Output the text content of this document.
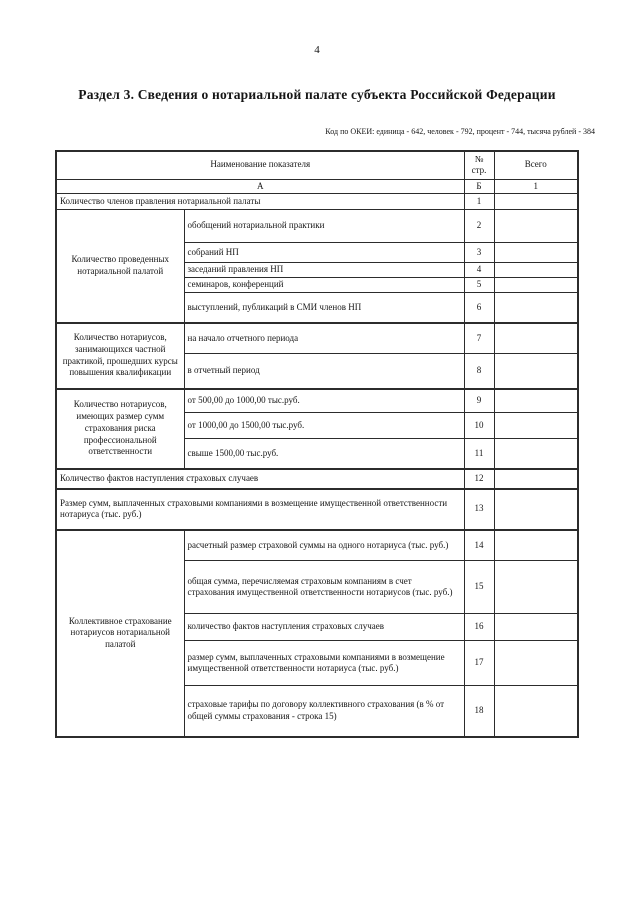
4
Раздел 3. Сведения о нотариальной палате субъекта Российской Федерации
Код по ОКЕИ: единица - 642, человек - 792, процент - 744, тысяча рублей - 384
Наименование показателя		№ стр.	Всего
А		Б	1
Количество членов правления нотариальной палаты		1	
Количество проведенных нотариальной палатой	обобщений нотариальной практики	2	
	собраний НП	3	
	заседаний правления НП	4	
	семинаров, конференций	5	
	выступлений, публикаций в СМИ членов НП	6	
Количество нотариусов, занимающихся частной практикой, прошедших курсы повышения квалификации	на начало отчетного периода	7	
	в отчетный период	8	
Количество нотариусов, имеющих размер сумм страхования риска профессиональной ответственности	от 500,00 до 1000,00 тыс.руб.	9	
	от 1000,00 до 1500,00 тыс.руб.	10	
	свыше 1500,00 тыс.руб.	11	
Количество фактов наступления страховых случаев		12	
Размер сумм, выплаченных страховыми компаниями в возмещение имущественной ответственности нотариуса (тыс. руб.)		13	
Коллективное страхование нотариусов нотариальной палатой	расчетный размер страховой суммы на одного нотариуса (тыс. руб.)	14	
	общая сумма, перечисляемая страховым компаниям в счет страхования имущественной ответственности нотариусов (тыс. руб.)	15	
	количество фактов наступления страховых случаев	16	
	размер сумм, выплаченных страховыми компаниями в возмещение имущественной ответственности нотариуса (тыс. руб.)	17	
	страховые тарифы по договору коллективного страхования (в % от общей суммы страхования - строка 15)	18	
